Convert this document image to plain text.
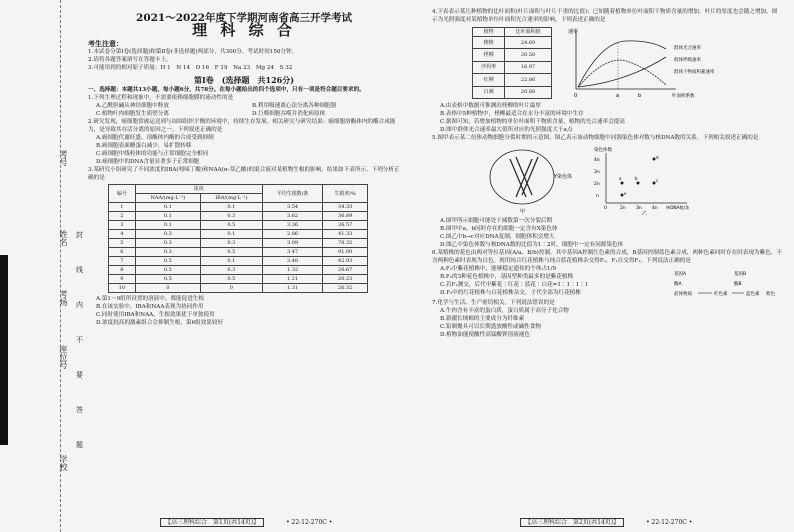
考号
姓名
考场
座位号
学校
封
线
内
不
要
答
题
2021～2022年度下学期河南省高三开学考试
理 科 综 合

考生注意：

1.本试卷分第Ⅰ卷(选择题)和第Ⅱ卷(非选择题)两部分，共300分。考试时间150分钟。

2.请将各题答案填写在答题卡上。

3.可能用到的相对原子质量：H 1　N 14　O 16　F 19　Na 23　Mg 24　S 32

第Ⅰ卷　(选择题　共126分)

一、选择题：本题共13小题，每小题6分，共78分。在每小题给出的四个选项中，只有一项是符合题目要求的。

1.下列生理过程和现象中，不需要依赖细胞膜的流动性的是

A.乙酰胆碱从神经细胞中释放	B.利用吸速离心法分离各种细胞器
C.植物叶肉细胞发生质壁分离	D.巨噬细胞吞噬并消化病原体

2.研究发现，癌细胞常被运送到与周围组织平衡的环境中，持续生存发展。相关研究与研究结果：癌细胞溶酶体内的酶合成能力，是导致其存活分离的原因之一。下列叙述正确的是

A.癌细胞代谢旺盛，溶酶体内酶的合成受到抑制

B.癌细胞表面糖蛋白减少，易扩散转移

C.癌细胞中线粒体的功能与正常细胞完全相同

D.癌细胞中的DNA含量显著多于正常细胞

3.某研究小组研究了不同浓度的IBA(吲哚丁酸)和NAA(α-萘乙酸)的混合液对某植物生根的影响，结果如下表所示。下列分析正确的是

编号	浓度		平均生根数/条	生根率/%
	NAA/(mg·L⁻¹)	IBA/(mg·L⁻¹)		
1	0.1	0.1	3.54	34.33
2	0.1	0.3	3.62	36.89
3	0.1	0.5	3.36	36.57
4	0.3	0.1	2.86	41.33
5	0.3	0.3	3.09	78.32
6	0.3	0.5	3.47	91.00
7	0.5	0.1	3.48	42.93
8	0.5	0.3	1.32	26.67
9	0.5	0.5	1.21	20.23
10	0	0	1.31	26.32

A.第1～9组所设置的溶液中，都能促进生根

B.在该实验中，IBA和NAA表现为协同作用

C.同时使用IBA和NAA，生根效果优于单独使用

D.浓度较高的激素组合会抑制生根，第6组效果较好

4.下表表示某几种植物的比叶面积(叶片面积与叶片干重的比值)；已知随着植物单位叶面积干物质含量的增加，叶片的厚度也会随之增加。图示为光照强度对某植物单位叶面积光合速率的影响。下列表述正确的是

植物	比叶面积值
梭梭	24.69
柽柳	20.50
沙拐枣	16.97
红柳	22.86
白刺	20.88
速率
叶面积系数
0	a	b
群体光合速率
群体呼吸速率
群体干物质积累速率

A.由表格中数据可推测出柽柳的叶片最厚

B.表格中5种植物中，柽柳最适合在水分丰富的环境中生存

C.据图可知，若增加植物的单位叶面积干物质含量，植物的光合速率会提高

D.图中群体光合速率最大值所对应的光照强度大于a点

5.图甲表示某二倍体动物细胞分裂时期的示意图，图乙表示该动物细胞中同源染色体对数与核DNA数的关系。下列相关叙述正确的是

Y染色体
甲
染色体数
4n
3n
2n
n
0	2n 3n 4n 核DNA数/条
a	b	c
d
e
乙

A.图甲所示细胞可能处于减数第一次分裂后期

B.图甲中a、b同时存在的细胞一定含有X染色体

C.图乙中b→c对应DNA复制，细胞体积会增大

D.图乙中染色体数与核DNA数的比值为1∶2时，细胞中一定有同源染色体

6.某植株的花色由两对等位基因(A/a、B/b)控制，其中基因A控制红色素的合成，B基因控制蓝色素合成，两种色素同时存在时表现为紫色，不含两种色素时表现为白色。现用纯合红花植株与纯合蓝花植株杂交得F₁，F₁自交得F₂。下列说法正确的是

A.F₂中紫花植株中，能够稳定遗传的个体占1/9

B.F₂的3种花色植株中，基因型种类最多的是紫花植株

C.若F₁测交，后代中紫花∶红花∶蓝花∶白花=1∶1∶1∶1

D.F₂中的红花植株与白花植株杂交，子代全部为红花植株

基因A
酶A
前体物质	红色素
基因B
酶B
蓝色素 紫色

7.化学与生活、生产密切相关，下列说法错误的是

A.牛肉含有丰富的蛋白质，蛋白质属于高分子化合物

B.新疆长绒棉的主要成分为纤维素

C.铝制餐具可以长期盛放酸性或碱性食物

D.植物油能使酸性高锰酸钾溶液褪色

【高三理科综合　第1页(共14页)】	• 22-12-270C •	【高三理科综合　第2页(共14页)】	• 22-12-270C •
